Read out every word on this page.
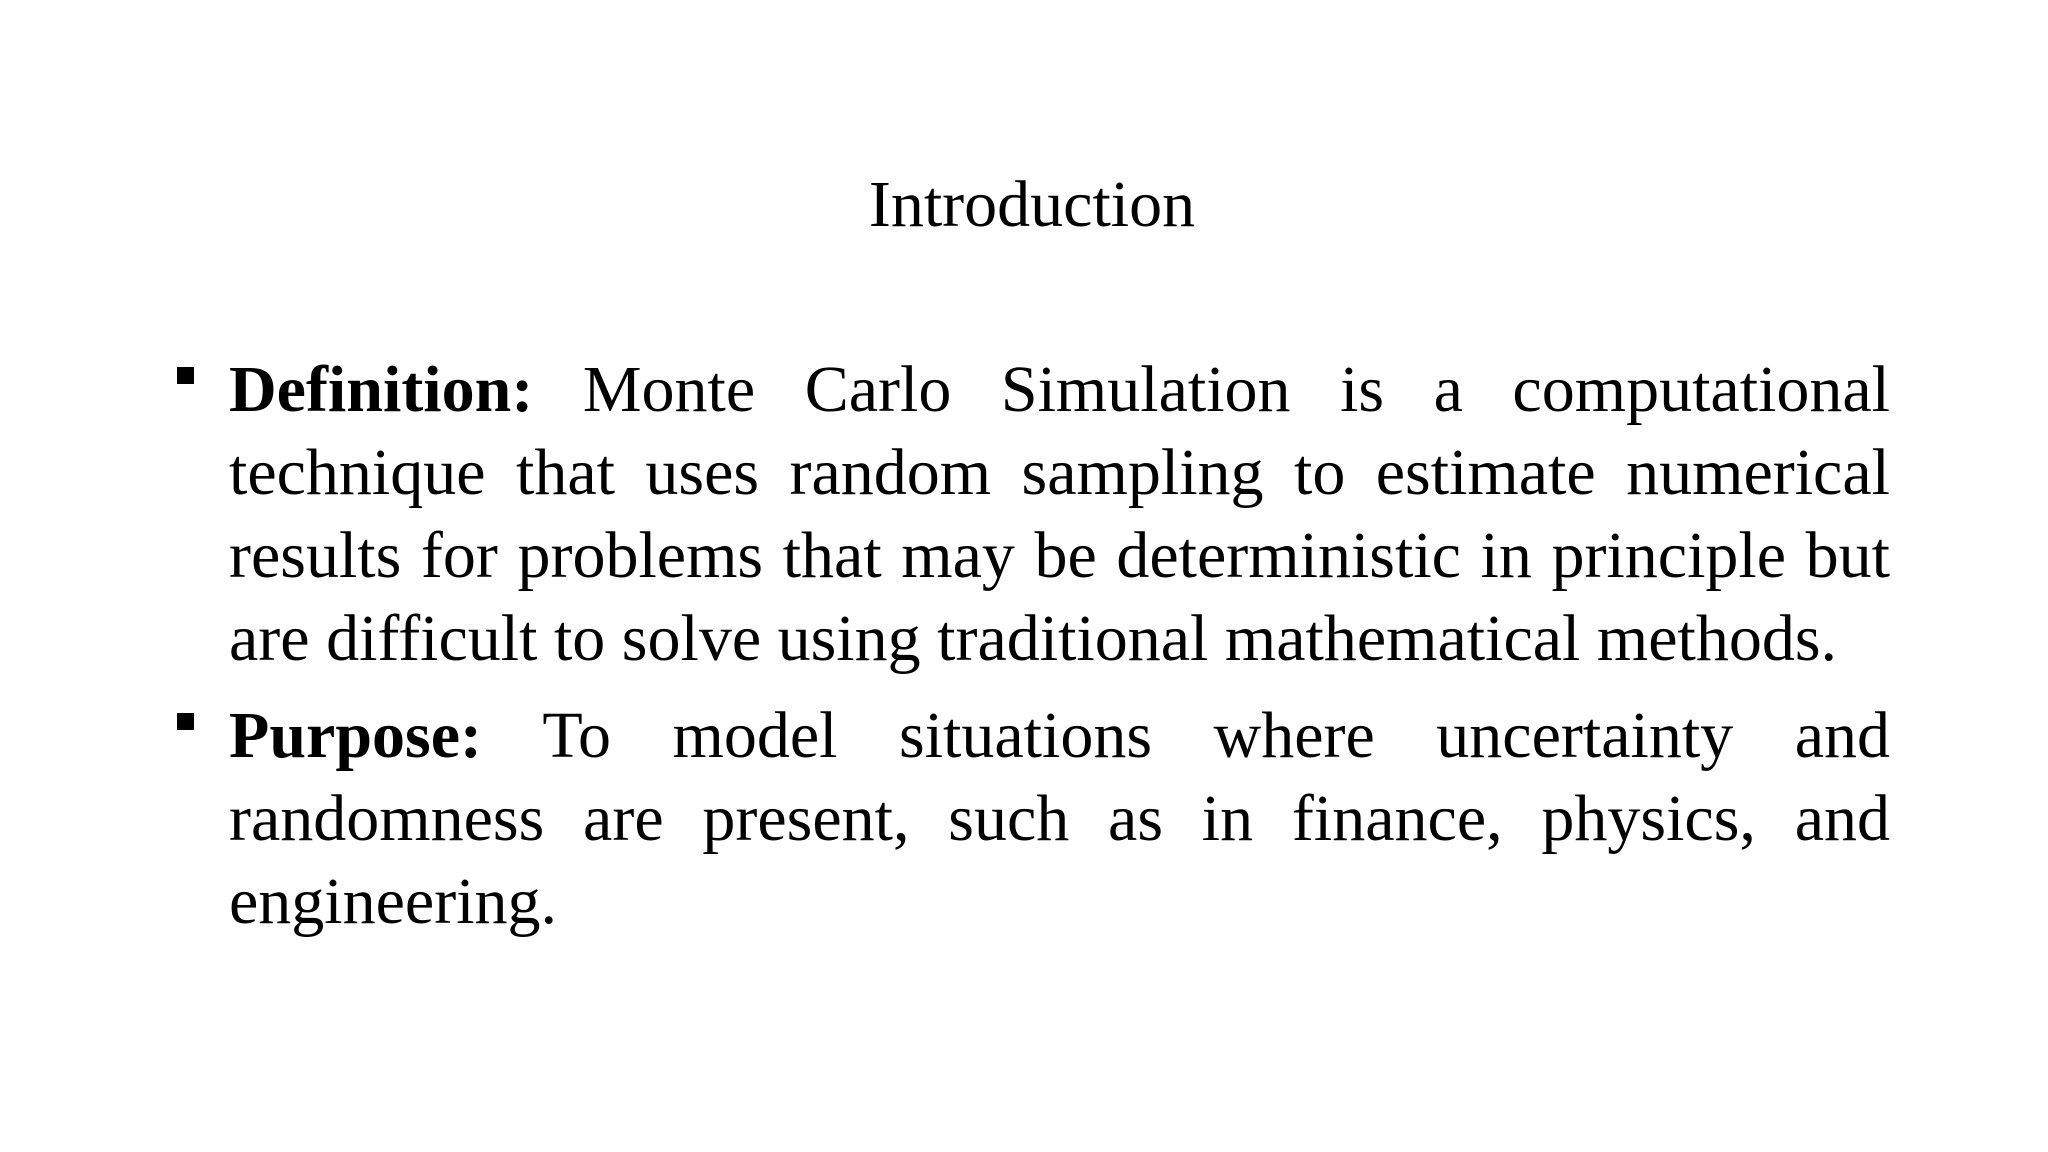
Introduction
Definition: Monte Carlo Simulation is a computational technique that uses random sampling to estimate numerical results for problems that may be deterministic in principle but are difficult to solve using traditional mathematical methods.
Purpose: To model situations where uncertainty and randomness are present, such as in finance, physics, and engineering.
